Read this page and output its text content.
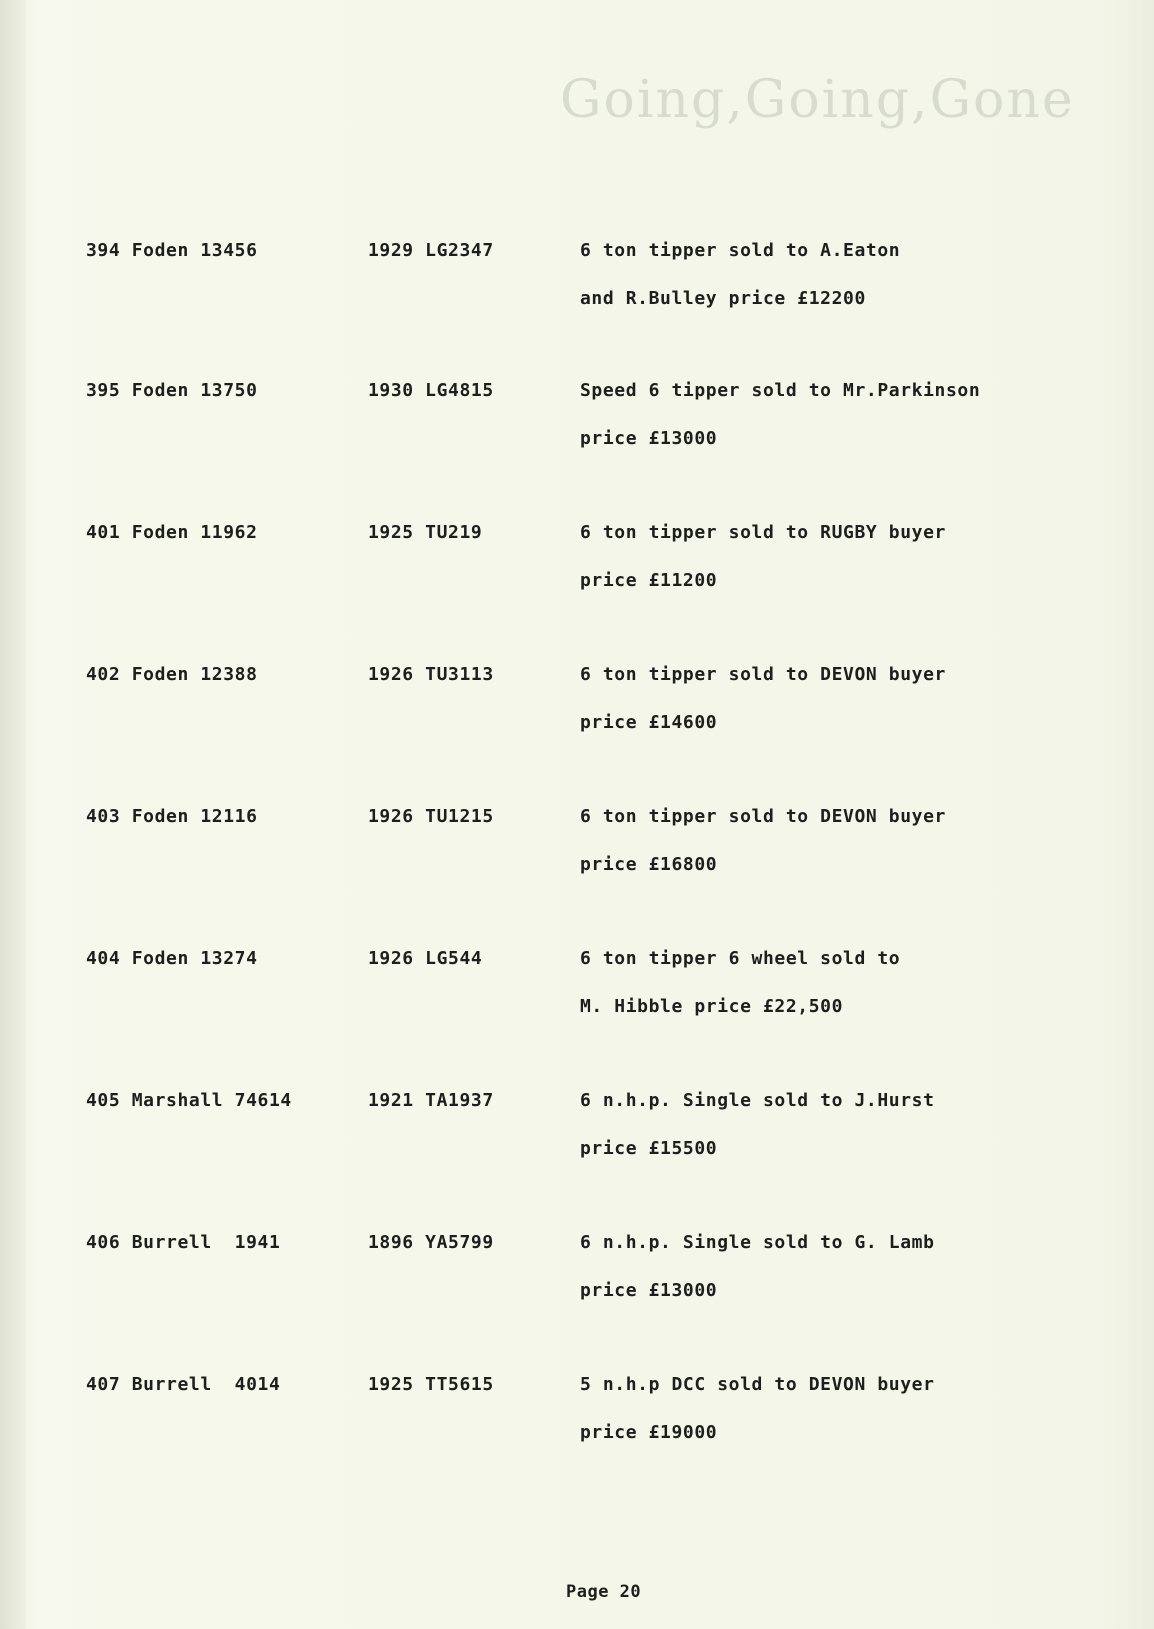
Going,Going,Gone
394 Foden 13456	1929 LG2347	6 ton tipper sold to A.Eaton
and R.Bulley price £12200
395 Foden 13750	1930 LG4815	Speed 6 tipper sold to Mr.Parkinson
price £13000
401 Foden 11962	1925 TU219	6 ton tipper sold to RUGBY buyer
price £11200
402 Foden 12388	1926 TU3113	6 ton tipper sold to DEVON buyer
price £14600
403 Foden 12116	1926 TU1215	6 ton tipper sold to DEVON buyer
price £16800
404 Foden 13274	1926 LG544	6 ton tipper 6 wheel sold to
M. Hibble price £22,500
405 Marshall 74614	1921 TA1937	6 n.h.p. Single sold to J.Hurst
price £15500
406 Burrell  1941	1896 YA5799	6 n.h.p. Single sold to G. Lamb
price £13000
407 Burrell  4014	1925 TT5615	5 n.h.p DCC sold to DEVON buyer
price £19000
Page 20
